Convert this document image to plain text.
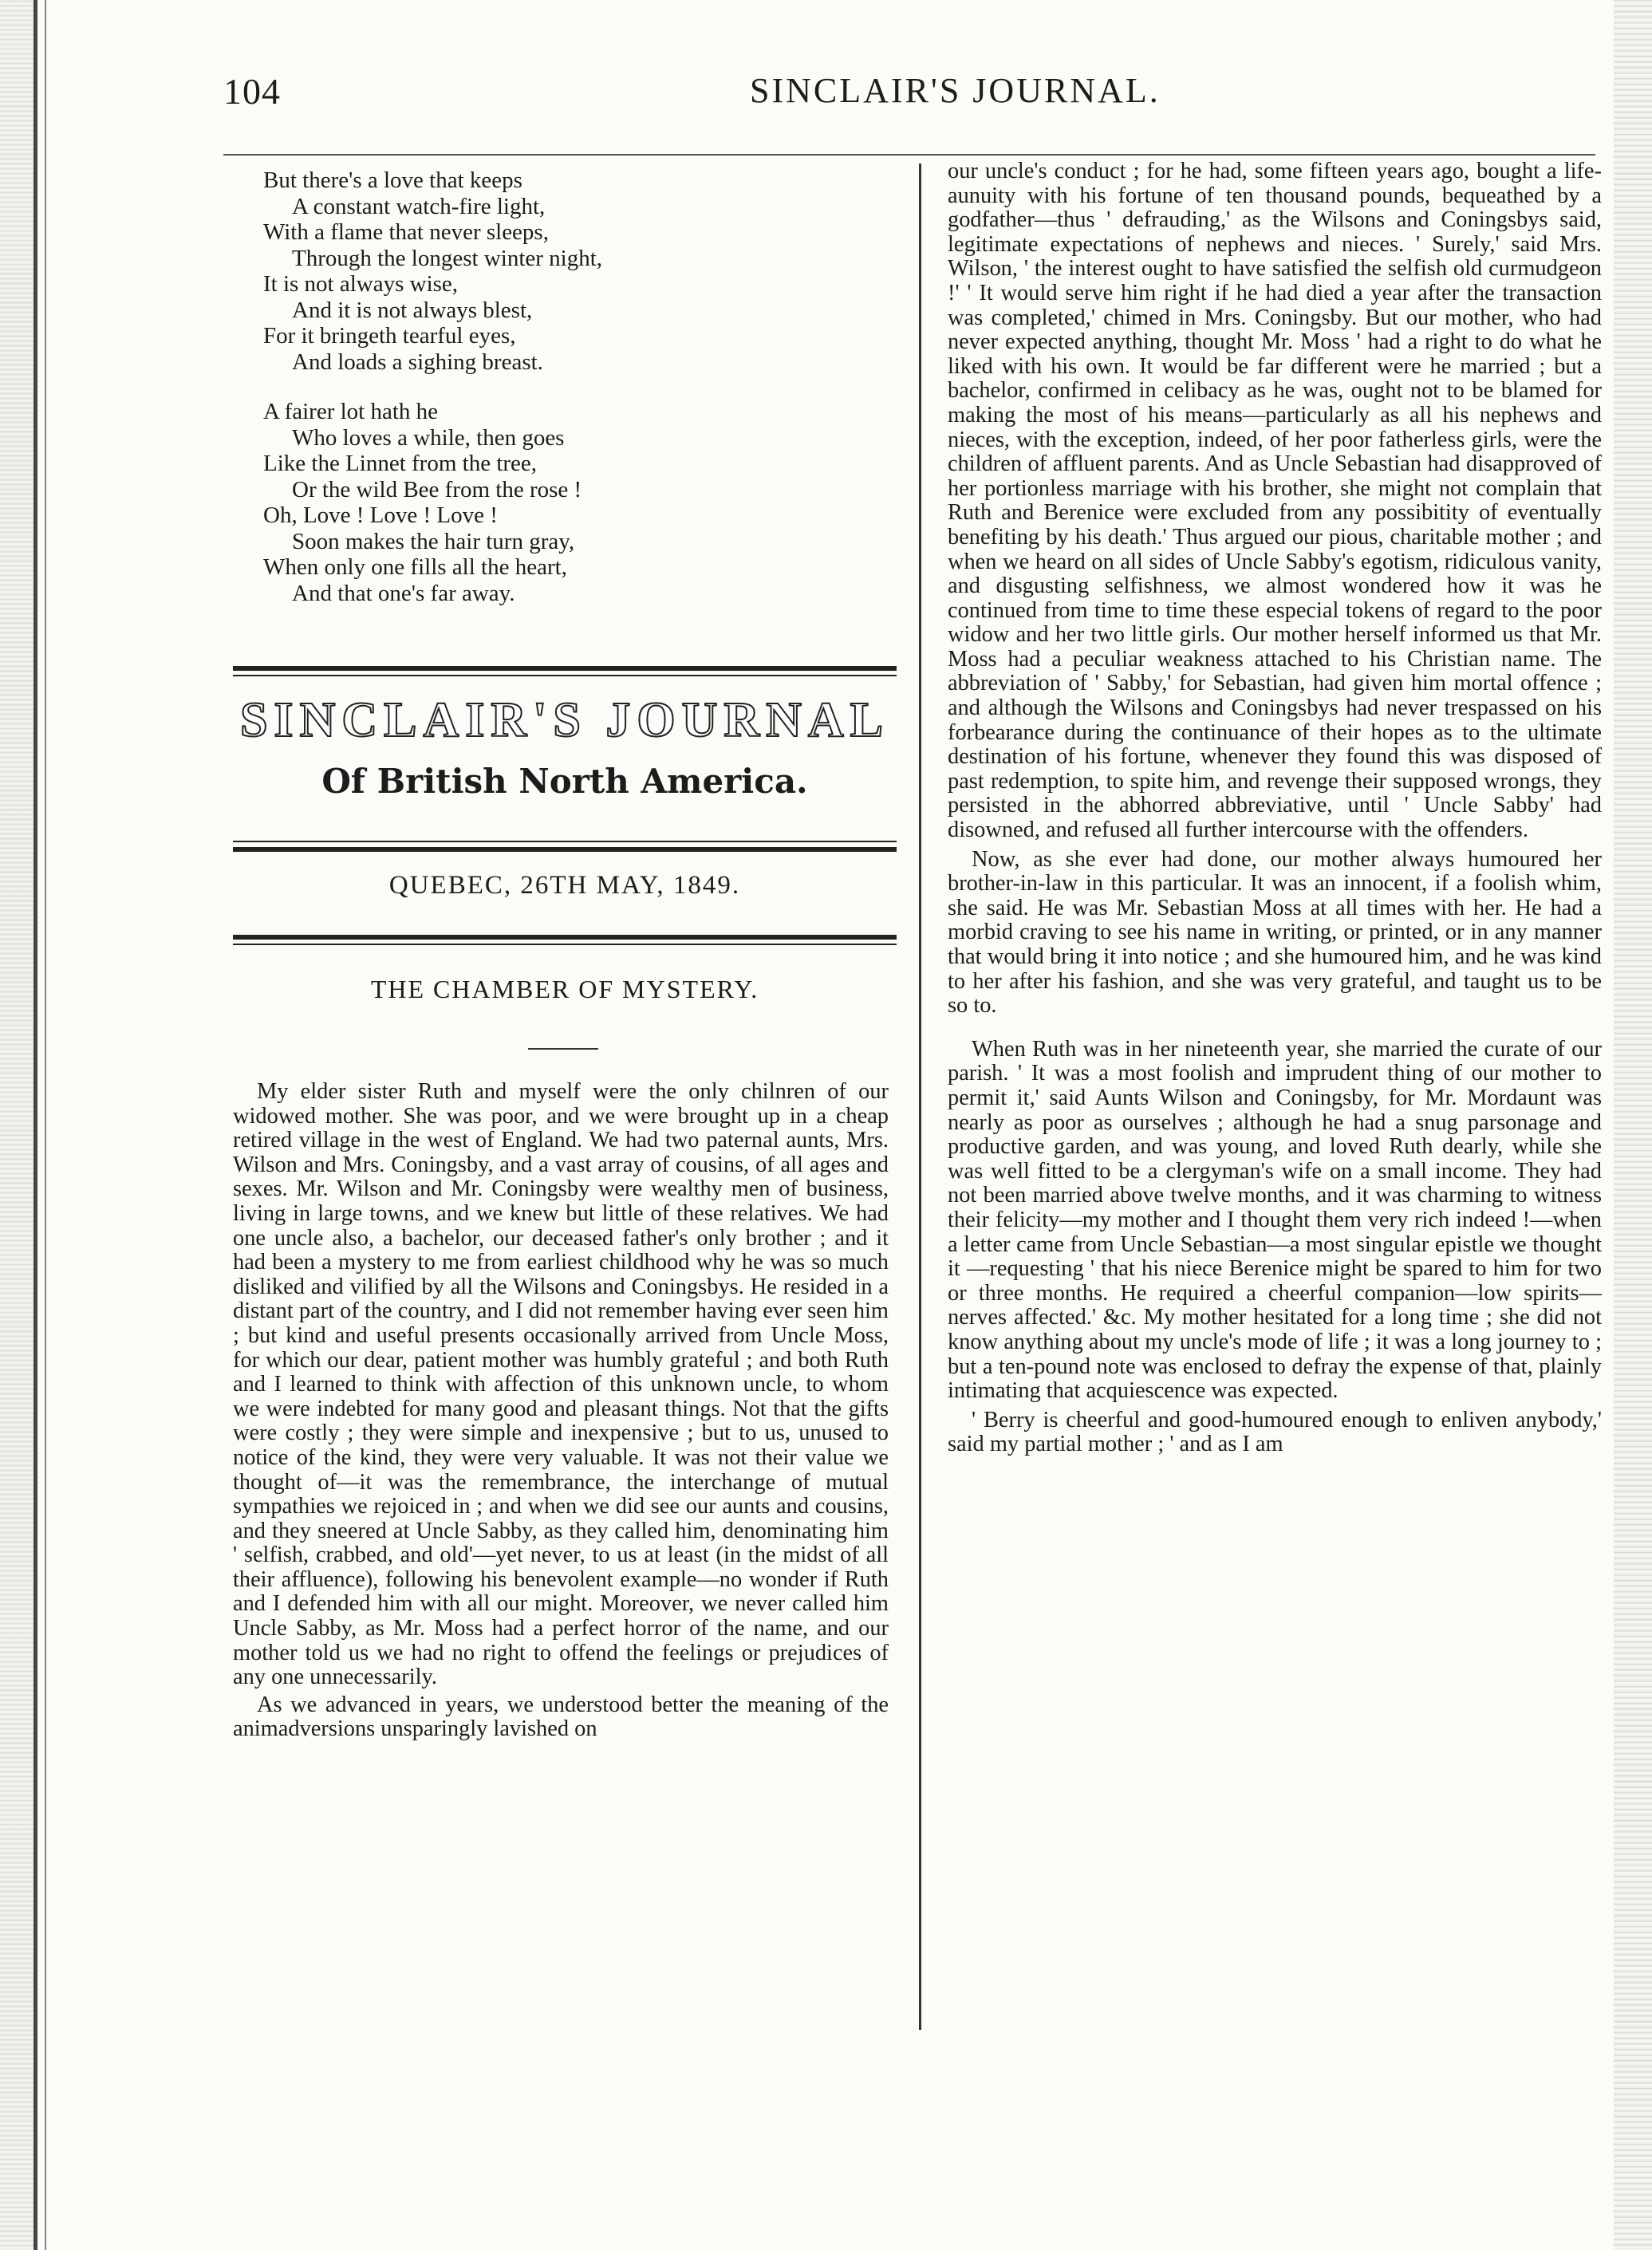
104	SINCLAIR'S JOURNAL.
But there's a love that keeps
A constant watch-fire light,
With a flame that never sleeps,
Through the longest winter night,
It is not always wise,
And it is not always blest,
For it bringeth tearful eyes,
And loads a sighing breast.
A fairer lot hath he
Who loves a while, then goes
Like the Linnet from the tree,
Or the wild Bee from the rose !
Oh, Love ! Love ! Love !
Soon makes the hair turn gray,
When only one fills all the heart,
And that one's far away.
SINCLAIR'S JOURNAL
Of British North America.
QUEBEC, 26TH MAY, 1849.
THE CHAMBER OF MYSTERY.

My elder sister Ruth and myself were the only chilnren of our widowed mother. She was poor, and we were brought up in a cheap retired village in the west of England. We had two paternal aunts, Mrs. Wilson and Mrs. Coningsby, and a vast array of cousins, of all ages and sexes. Mr. Wilson and Mr. Coningsby were wealthy men of business, living in large towns, and we knew but little of these relatives. We had one uncle also, a bachelor, our deceased father's only brother ; and it had been a mystery to me from earliest childhood why he was so much disliked and vilified by all the Wilsons and Coningsbys. He resided in a distant part of the country, and I did not remember having ever seen him ; but kind and useful presents occasionally arrived from Uncle Moss, for which our dear, patient mother was humbly grateful ; and both Ruth and I learned to think with affection of this unknown uncle, to whom we were indebted for many good and pleasant things. Not that the gifts were costly ; they were simple and inexpensive ; but to us, unused to notice of the kind, they were very valuable. It was not their value we thought of—it was the remembrance, the interchange of mutual sympathies we rejoiced in ; and when we did see our aunts and cousins, and they sneered at Uncle Sabby, as they called him, denominating him ' selfish, crabbed, and old'—yet never, to us at least (in the midst of all their affluence), following his benevolent example—no wonder if Ruth and I defended him with all our might. Moreover, we never called him Uncle Sabby, as Mr. Moss had a perfect horror of the name, and our mother told us we had no right to offend the feelings or prejudices of any one unnecessarily.

As we advanced in years, we understood better the meaning of the animadversions unsparingly lavished on

our uncle's conduct ; for he had, some fifteen years ago, bought a life-aunuity with his fortune of ten thousand pounds, bequeathed by a godfather—thus ' defrauding,' as the Wilsons and Coningsbys said, legitimate expectations of nephews and nieces. ' Surely,' said Mrs. Wilson, ' the interest ought to have satisfied the selfish old curmudgeon !' ' It would serve him right if he had died a year after the transaction was completed,' chimed in Mrs. Coningsby. But our mother, who had never expected anything, thought Mr. Moss ' had a right to do what he liked with his own. It would be far different were he married ; but a bachelor, confirmed in celibacy as he was, ought not to be blamed for making the most of his means—particularly as all his nephews and nieces, with the exception, indeed, of her poor fatherless girls, were the children of affluent parents. And as Uncle Sebastian had disapproved of her portionless marriage with his brother, she might not complain that Ruth and Berenice were excluded from any possibitity of eventually benefiting by his death.' Thus argued our pious, charitable mother ; and when we heard on all sides of Uncle Sabby's egotism, ridiculous vanity, and disgusting selfishness, we almost wondered how it was he continued from time to time these especial tokens of regard to the poor widow and her two little girls. Our mother herself informed us that Mr. Moss had a peculiar weakness attached to his Christian name. The abbreviation of ' Sabby,' for Sebastian, had given him mortal offence ; and although the Wilsons and Coningsbys had never trespassed on his forbearance during the continuance of their hopes as to the ultimate destination of his fortune, whenever they found this was disposed of past redemption, to spite him, and revenge their supposed wrongs, they persisted in the abhorred abbreviative, until ' Uncle Sabby' had disowned, and refused all further intercourse with the offenders.

Now, as she ever had done, our mother always humoured her brother-in-law in this particular. It was an innocent, if a foolish whim, she said. He was Mr. Sebastian Moss at all times with her. He had a morbid craving to see his name in writing, or printed, or in any manner that would bring it into notice ; and she humoured him, and he was kind to her after his fashion, and she was very grateful, and taught us to be so to.

When Ruth was in her nineteenth year, she married the curate of our parish. ' It was a most foolish and imprudent thing of our mother to permit it,' said Aunts Wilson and Coningsby, for Mr. Mordaunt was nearly as poor as ourselves ; although he had a snug parsonage and productive garden, and was young, and loved Ruth dearly, while she was well fitted to be a clergyman's wife on a small income. They had not been married above twelve months, and it was charming to witness their felicity—my mother and I thought them very rich indeed !—when a letter came from Uncle Sebastian—a most singular epistle we thought it —requesting ' that his niece Berenice might be spared to him for two or three months. He required a cheerful companion—low spirits—nerves affected.' &c. My mother hesitated for a long time ; she did not know anything about my uncle's mode of life ; it was a long journey to ; but a ten-pound note was enclosed to defray the expense of that, plainly intimating that acquiescence was expected.

' Berry is cheerful and good-humoured enough to enliven anybody,' said my partial mother ; ' and as I am
